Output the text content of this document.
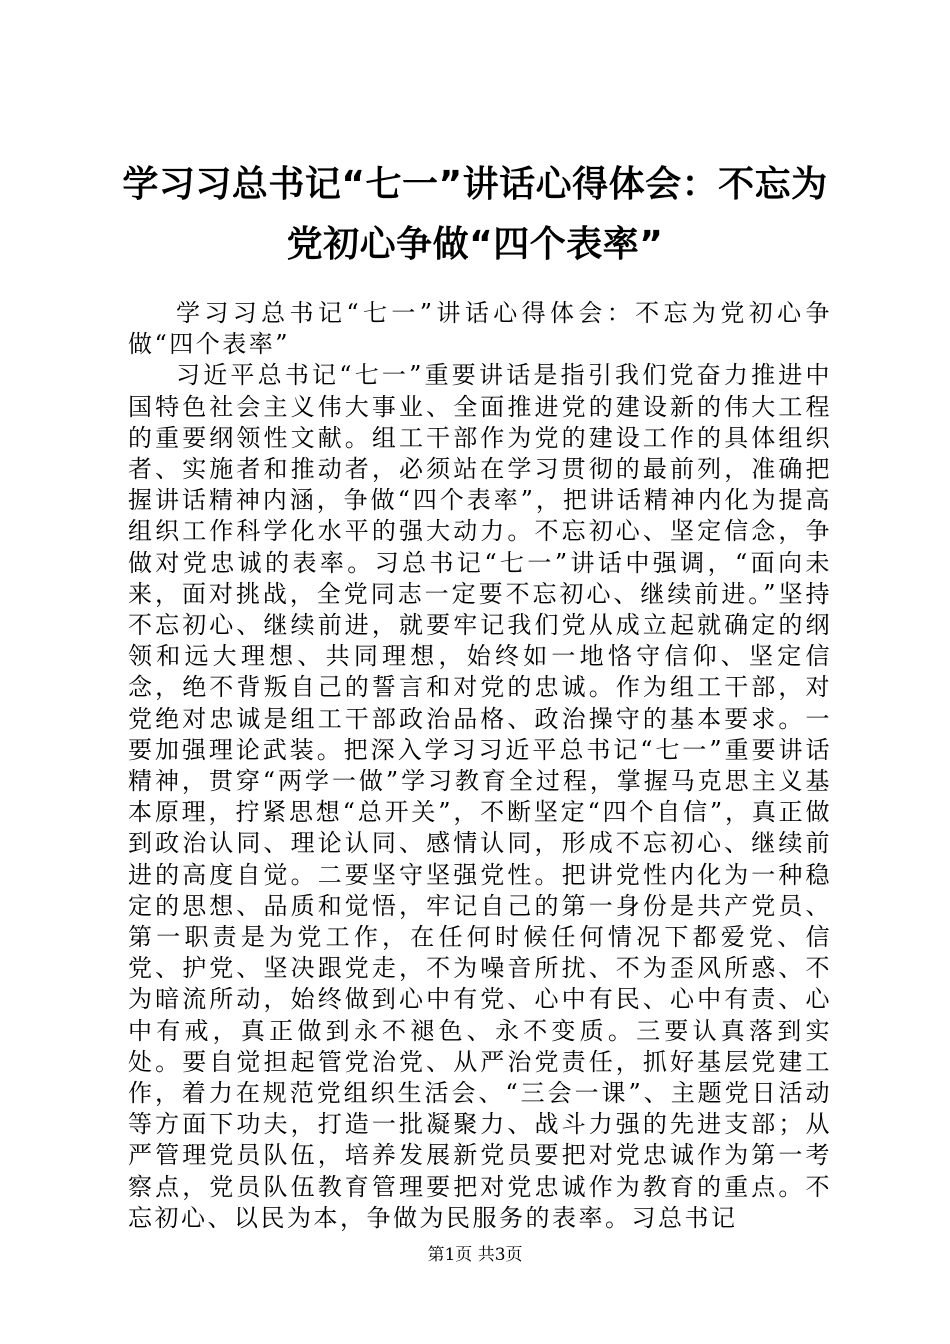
学习习总书记“七一”讲话心得体会：不忘为
党初心争做“四个表率”

学习习总书记“七一”讲话心得体会：不忘为党初心争做“四个表率”

习近平总书记“七一”重要讲话是指引我们党奋力推进中国特色社会主义伟大事业、全面推进党的建设新的伟大工程的重要纲领性文献。组工干部作为党的建设工作的具体组织者、实施者和推动者，必须站在学习贯彻的最前列，准确把握讲话精神内涵，争做“四个表率”，把讲话精神内化为提高组织工作科学化水平的强大动力。不忘初心、坚定信念，争做对党忠诚的表率。习总书记“七一”讲话中强调，“面向未来，面对挑战，全党同志一定要不忘初心、继续前进。”坚持不忘初心、继续前进，就要牢记我们党从成立起就确定的纲领和远大理想、共同理想，始终如一地恪守信仰、坚定信念，绝不背叛自己的誓言和对党的忠诚。作为组工干部，对党绝对忠诚是组工干部政治品格、政治操守的基本要求。一要加强理论武装。把深入学习习近平总书记“七一”重要讲话精神，贯穿“两学一做”学习教育全过程，掌握马克思主义基本原理，拧紧思想“总开关”，不断坚定“四个自信”，真正做到政治认同、理论认同、感情认同，形成不忘初心、继续前进的高度自觉。二要坚守坚强党性。把讲党性内化为一种稳定的思想、品质和觉悟，牢记自己的第一身份是共产党员、第一职责是为党工作，在任何时候任何情况下都爱党、信党、护党、坚决跟党走，不为噪音所扰、不为歪风所惑、不为暗流所动，始终做到心中有党、心中有民、心中有责、心中有戒，真正做到永不褪色、永不变质。三要认真落到实处。要自觉担起管党治党、从严治党责任，抓好基层党建工作，着力在规范党组织生活会、“三会一课”、主题党日活动等方面下功夫，打造一批凝聚力、战斗力强的先进支部；从严管理党员队伍，培养发展新党员要把对党忠诚作为第一考察点，党员队伍教育管理要把对党忠诚作为教育的重点。不忘初心、以民为本，争做为民服务的表率。习总书记

第1页 共3页
